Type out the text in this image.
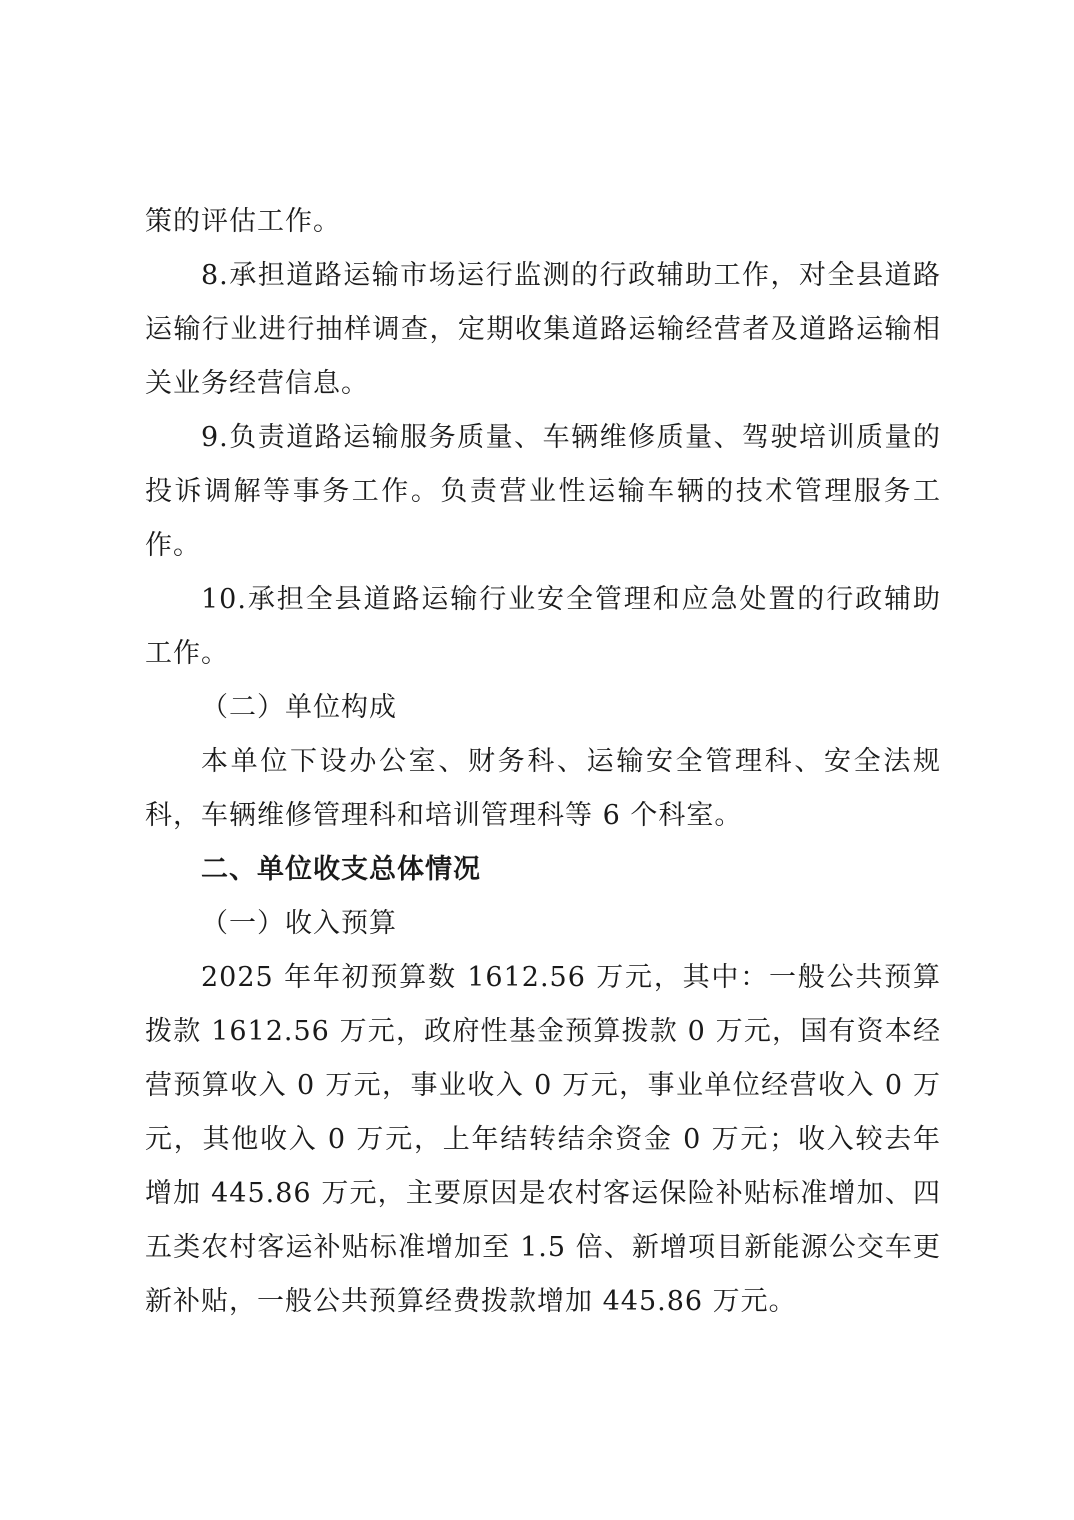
策的评估工作。

8.承担道路运输市场运行监测的行政辅助工作，对全县道路运输行业进行抽样调查，定期收集道路运输经营者及道路运输相关业务经营信息。

9.负责道路运输服务质量、车辆维修质量、驾驶培训质量的投诉调解等事务工作。负责营业性运输车辆的技术管理服务工作。

10.承担全县道路运输行业安全管理和应急处置的行政辅助工作。

（二）单位构成

本单位下设办公室、财务科、运输安全管理科、安全法规科，车辆维修管理科和培训管理科等 6 个科室。

二、单位收支总体情况

（一）收入预算

2025 年年初预算数 1612.56 万元，其中：一般公共预算拨款 1612.56 万元，政府性基金预算拨款 0 万元，国有资本经营预算收入 0 万元，事业收入 0 万元，事业单位经营收入 0 万元，其他收入 0 万元，上年结转结余资金 0 万元；收入较去年增加 445.86 万元，主要原因是农村客运保险补贴标准增加、四五类农村客运补贴标准增加至 1.5 倍、新增项目新能源公交车更新补贴，一般公共预算经费拨款增加 445.86 万元。
